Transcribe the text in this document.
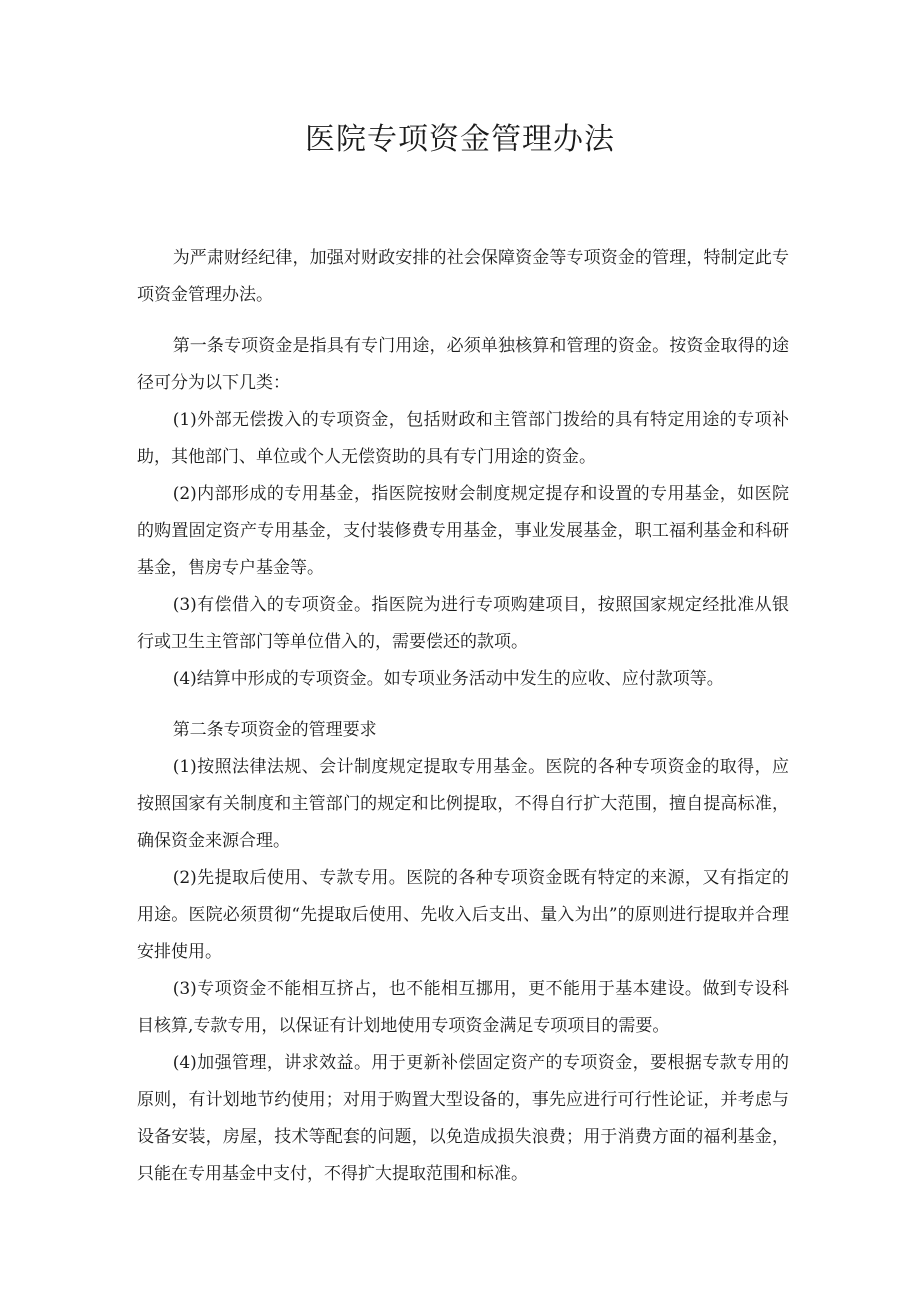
医院专项资金管理办法

为严肃财经纪律，加强对财政安排的社会保障资金等专项资金的管理，特制定此专项资金管理办法。

第一条专项资金是指具有专门用途，必须单独核算和管理的资金。按资金取得的途径可分为以下几类：

(1)外部无偿拨入的专项资金，包括财政和主管部门拨给的具有特定用途的专项补助，其他部门、单位或个人无偿资助的具有专门用途的资金。

(2)内部形成的专用基金，指医院按财会制度规定提存和设置的专用基金，如医院的购置固定资产专用基金，支付装修费专用基金，事业发展基金，职工福利基金和科研基金，售房专户基金等。

(3)有偿借入的专项资金。指医院为进行专项购建项目，按照国家规定经批准从银行或卫生主管部门等单位借入的，需要偿还的款项。

(4)结算中形成的专项资金。如专项业务活动中发生的应收、应付款项等。

第二条专项资金的管理要求

(1)按照法律法规、会计制度规定提取专用基金。医院的各种专项资金的取得，应按照国家有关制度和主管部门的规定和比例提取，不得自行扩大范围，擅自提高标准，确保资金来源合理。

(2)先提取后使用、专款专用。医院的各种专项资金既有特定的来源，又有指定的用途。医院必须贯彻“先提取后使用、先收入后支出、量入为出”的原则进行提取并合理安排使用。

(3)专项资金不能相互挤占，也不能相互挪用，更不能用于基本建设。做到专设科目核算,专款专用，以保证有计划地使用专项资金满足专项项目的需要。

(4)加强管理，讲求效益。用于更新补偿固定资产的专项资金，要根据专款专用的原则，有计划地节约使用；对用于购置大型设备的，事先应进行可行性论证，并考虑与设备安装，房屋，技术等配套的问题，以免造成损失浪费；用于消费方面的福利基金，只能在专用基金中支付，不得扩大提取范围和标准。
